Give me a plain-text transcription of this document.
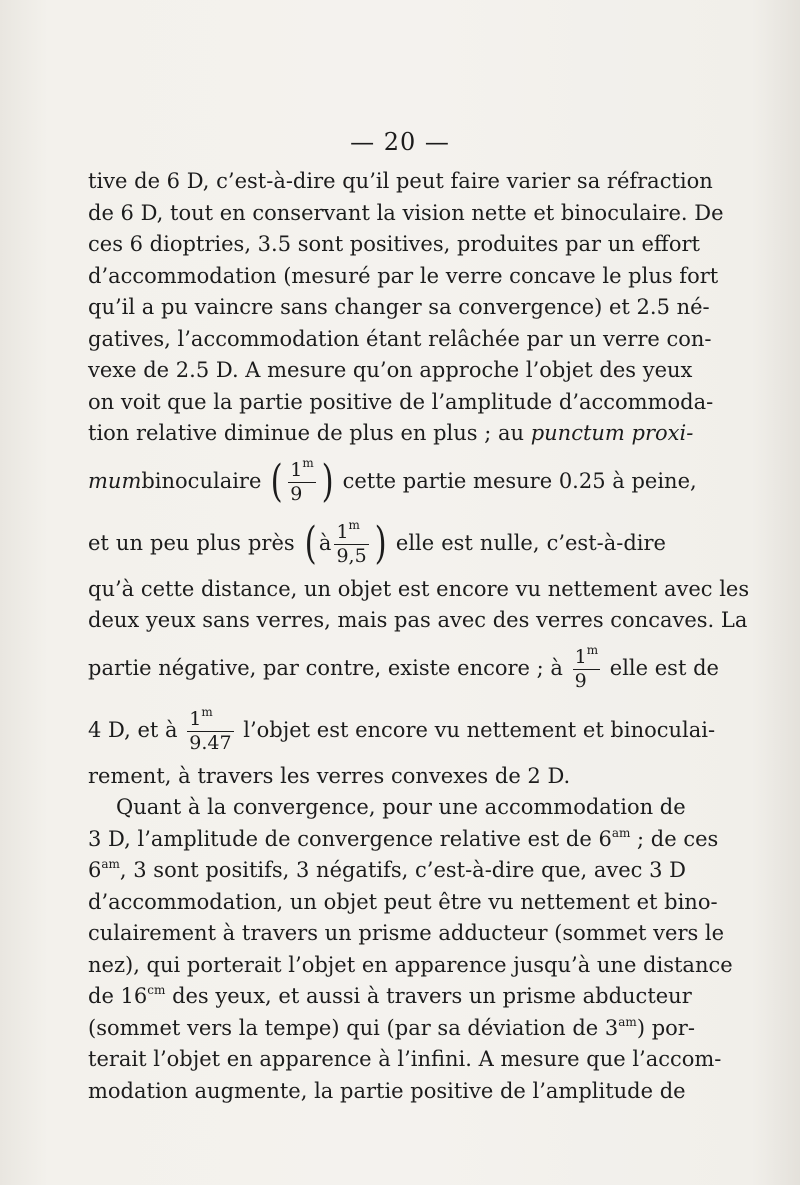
— 20 —
tive de 6 D, c’est-à-dire qu’il peut faire varier sa réfraction
de 6 D, tout en conservant la vision nette et binoculaire. De
ces 6 dioptries, 3.5 sont positives, produites par un effort
d’accommodation (mesuré par le verre concave le plus fort
qu’il a pu vaincre sans changer sa convergence) et 2.5 né-
gatives, l’accommodation étant relâchée par un verre con-
vexe de 2.5 D. A mesure qu’on approche l’objet des yeux
on voit que la partie positive de l’amplitude d’accommoda-
tion relative diminue de plus en plus ; au punctum proxi-
mumbinoculaire ( $\frac{1^m}{9}$ ) cette partie mesure 0.25 à peine,
et un peu plus près ( à $\frac{1^m}{9,5}$ ) elle est nulle, c’est-à-dire
qu’à cette distance, un objet est encore vu nettement avec les
deux yeux sans verres, mais pas avec des verres concaves. La
partie négative, par contre, existe encore ; à $\frac{1^m}{9}$ elle est de
4 D, et à $\frac{1^m}{9.47}$ l’objet est encore vu nettement et binoculai-
rement, à travers les verres convexes de 2 D.
Quant à la convergence, pour une accommodation de
3 D, l’amplitude de convergence relative est de $6^{am}$ ; de ces
$6^{am}$, 3 sont positifs, 3 négatifs, c’est-à-dire que, avec 3 D
d’accommodation, un objet peut être vu nettement et bino-
culairement à travers un prisme adducteur (sommet vers le
nez), qui porterait l’objet en apparence jusqu’à une distance
de $16^{cm}$ des yeux, et aussi à travers un prisme abducteur
(sommet vers la tempe) qui (par sa déviation de $3^{am}$) por-
terait l’objet en apparence à l’infini. A mesure que l’accom-
modation augmente, la partie positive de l’amplitude de
